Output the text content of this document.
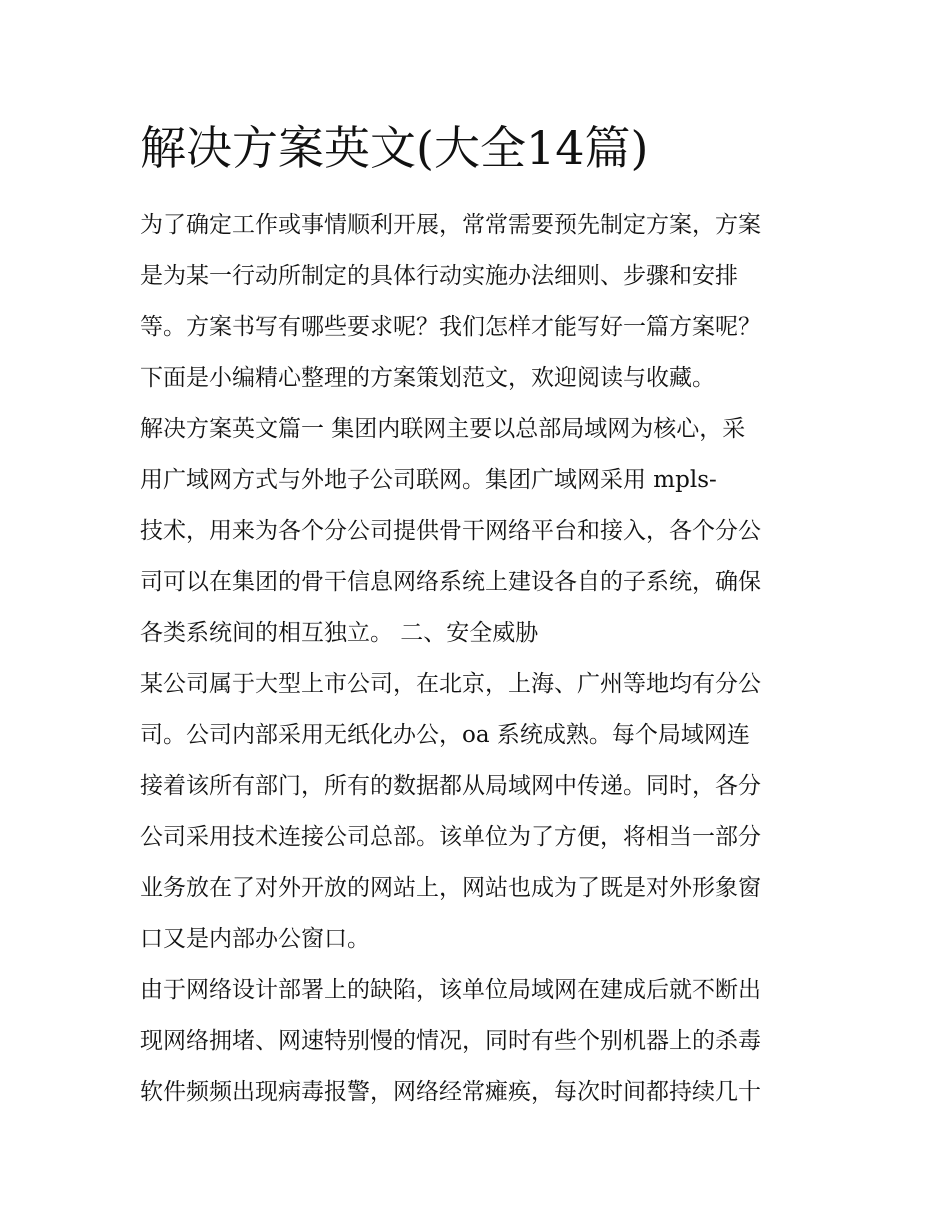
解决方案英文(大全14篇)
为了确定工作或事情顺利开展，常常需要预先制定方案，方案
是为某一行动所制定的具体行动实施办法细则、步骤和安排
等。方案书写有哪些要求呢？我们怎样才能写好一篇方案呢？
下面是小编精心整理的方案策划范文，欢迎阅读与收藏。
解决方案英文篇一 集团内联网主要以总部局域网为核心，采
用广域网方式与外地子公司联网。集团广域网采用 mpls-
技术，用来为各个分公司提供骨干网络平台和接入，各个分公
司可以在集团的骨干信息网络系统上建设各自的子系统，确保
各类系统间的相互独立。 二、安全威胁
某公司属于大型上市公司，在北京，上海、广州等地均有分公
司。公司内部采用无纸化办公，oa 系统成熟。每个局域网连
接着该所有部门，所有的数据都从局域网中传递。同时，各分
公司采用技术连接公司总部。该单位为了方便，将相当一部分
业务放在了对外开放的网站上，网站也成为了既是对外形象窗
口又是内部办公窗口。
由于网络设计部署上的缺陷，该单位局域网在建成后就不断出
现网络拥堵、网速特别慢的情况，同时有些个别机器上的杀毒
软件频频出现病毒报警，网络经常瘫痪，每次时间都持续几十
